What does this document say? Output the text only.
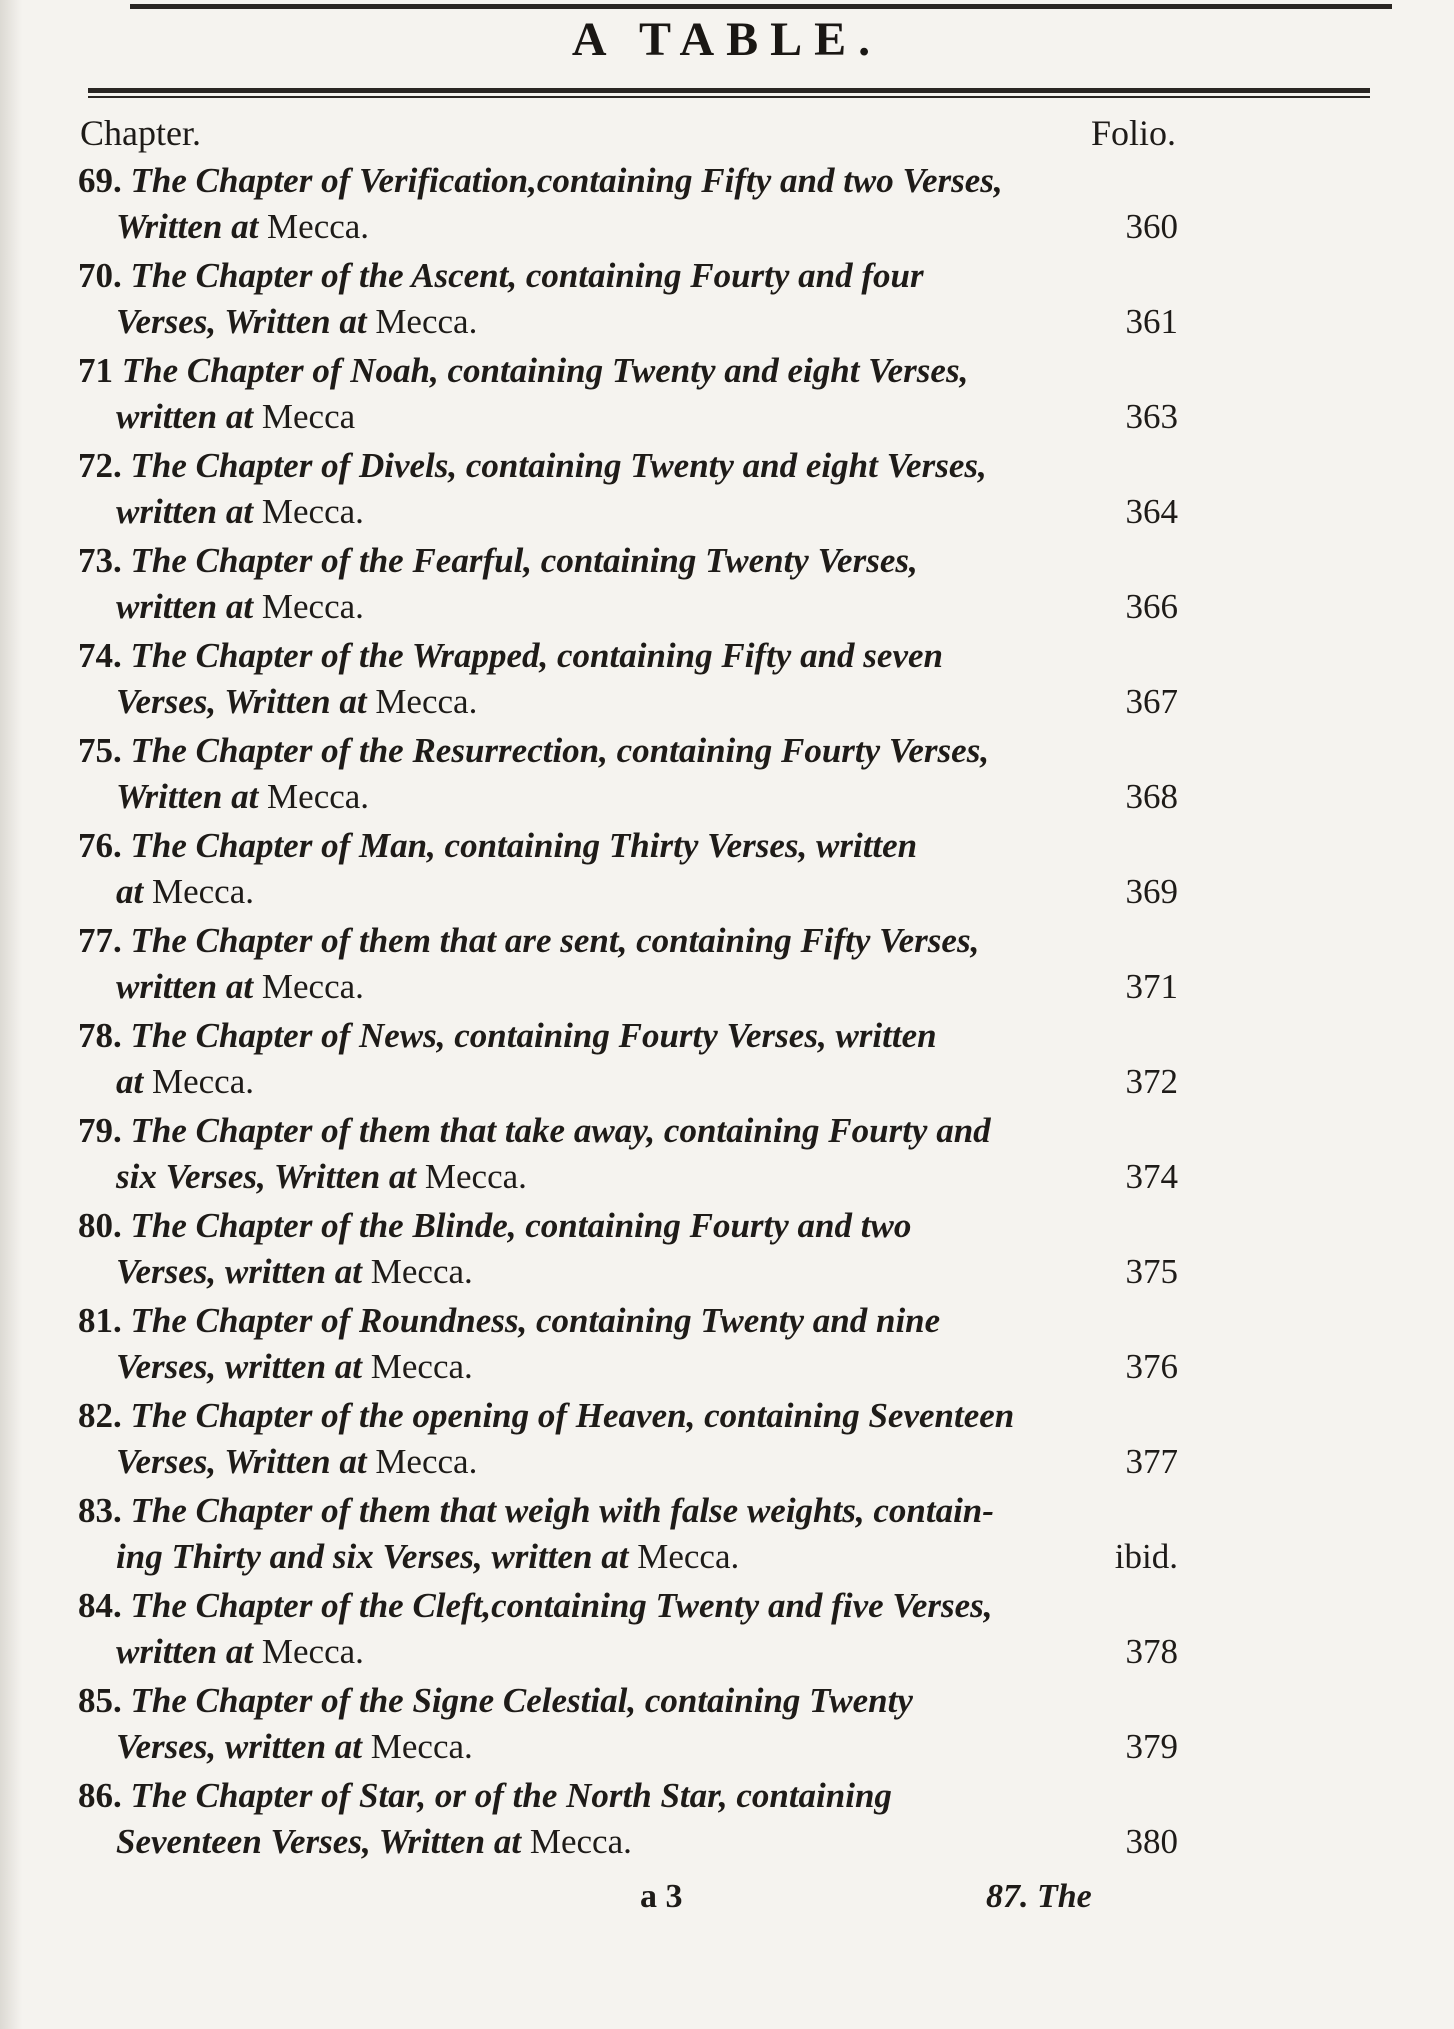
A TABLE.
Chapter.	Folio.
69. The Chapter of Verification,containing Fifty and two Verses,
Written at Mecca.	360
70. The Chapter of the Ascent, containing Fourty and four
Verses, Written at Mecca.	361
71 The Chapter of Noah, containing Twenty and eight Verses,
written at Mecca	363
72. The Chapter of Divels, containing Twenty and eight Verses,
written at Mecca.	364
73. The Chapter of the Fearful, containing Twenty Verses,
written at Mecca.	366
74. The Chapter of the Wrapped, containing Fifty and seven
Verses, Written at Mecca.	367
75. The Chapter of the Resurrection, containing Fourty Verses,
Written at Mecca.	368
76. The Chapter of Man, containing Thirty Verses, written
at Mecca.	369
77. The Chapter of them that are sent, containing Fifty Verses,
written at Mecca.	371
78. The Chapter of News, containing Fourty Verses, written
at Mecca.	372
79. The Chapter of them that take away, containing Fourty and
six Verses, Written at Mecca.	374
80. The Chapter of the Blinde, containing Fourty and two
Verses, written at Mecca.	375
81. The Chapter of Roundness, containing Twenty and nine
Verses, written at Mecca.	376
82. The Chapter of the opening of Heaven, containing Seventeen
Verses, Written at Mecca.	377
83. The Chapter of them that weigh with false weights, contain-
ing Thirty and six Verses, written at Mecca.	ibid.
84. The Chapter of the Cleft,containing Twenty and five Verses,
written at Mecca.	378
85. The Chapter of the Signe Celestial, containing Twenty
Verses, written at Mecca.	379
86. The Chapter of Star, or of the North Star, containing
Seventeen Verses, Written at Mecca.	380
a 3	87. The
